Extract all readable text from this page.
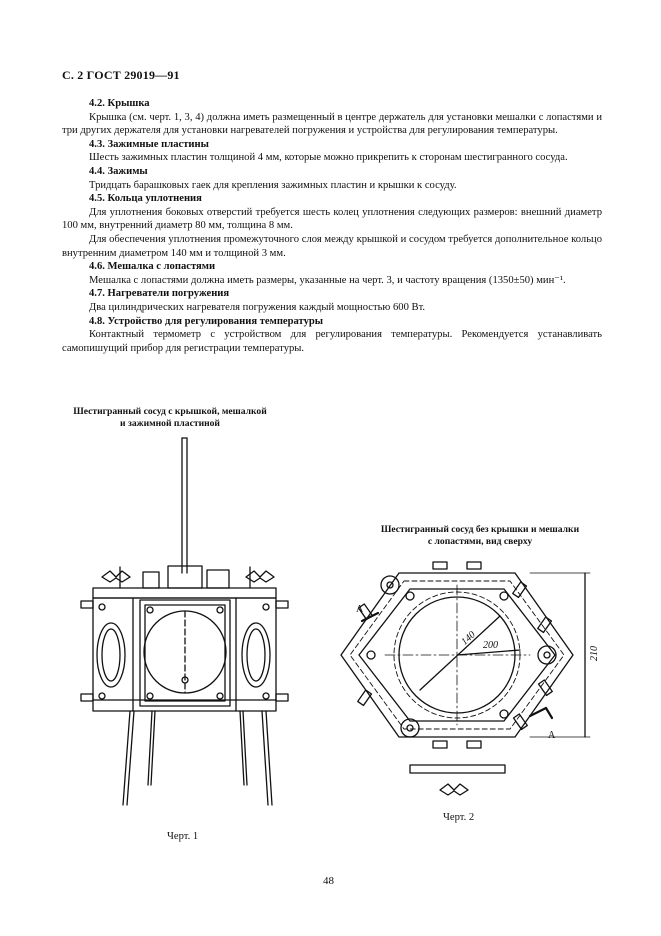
С. 2 ГОСТ 29019—91
4.2. Крышка
Крышка (см. черт. 1, 3, 4) должна иметь размещенный в центре держатель для установки мешалки с лопастями и три других держателя для установки нагревателей погружения и устройства для регулирования температуры.
4.3. Зажимные пластины
Шесть зажимных пластин толщиной 4 мм, которые можно прикрепить к сторонам шестигранного сосуда.
4.4. Зажимы
Тридцать барашковых гаек для крепления зажимных пластин и крышки к сосуду.
4.5. Кольца уплотнения
Для уплотнения боковых отверстий требуется шесть колец уплотнения следующих размеров: внешний диаметр 100 мм, внутренний диаметр 80 мм, толщина 8 мм.
Для обеспечения уплотнения промежуточного слоя между крышкой и сосудом требуется дополнительное кольцо внутренним диаметром 140 мм и толщиной 3 мм.
4.6. Мешалка с лопастями
Мешалка с лопастями должна иметь размеры, указанные на черт. 3, и частоту вращения (1350±50) мин⁻¹.
4.7. Нагреватели погружения
Два цилиндрических нагревателя погружения каждый мощностью 600 Вт.
4.8. Устройство для регулирования температуры
Контактный термометр с устройством для регулирования температуры. Рекомендуется устанавливать самопишущий прибор для регистрации температуры.
Шестигранный сосуд с крышкой, мешалкой
и зажимной пластиной
Шестигранный сосуд без крышки и мешалки
с лопастями, вид сверху
140 200
210
А
А
Черт. 1
Черт. 2
48
